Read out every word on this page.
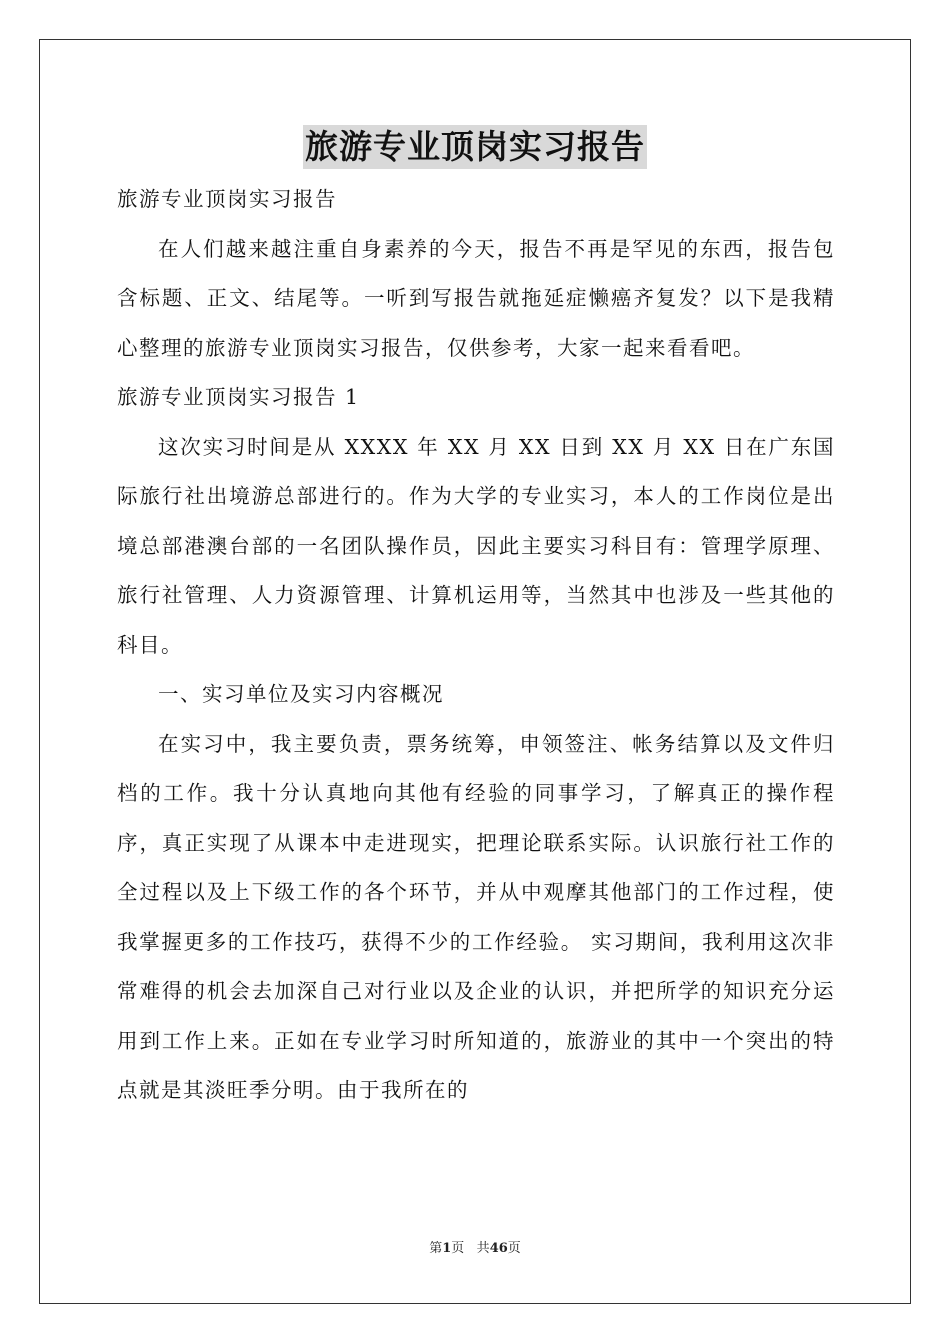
旅游专业顶岗实习报告

旅游专业顶岗实习报告

在人们越来越注重自身素养的今天，报告不再是罕见的东西，报告包含标题、正文、结尾等。一听到写报告就拖延症懒癌齐复发？以下是我精心整理的旅游专业顶岗实习报告，仅供参考，大家一起来看看吧。

旅游专业顶岗实习报告 1

这次实习时间是从 XXXX 年 XX 月 XX 日到 XX 月 XX 日在广东国际旅行社出境游总部进行的。作为大学的专业实习，本人的工作岗位是出境总部港澳台部的一名团队操作员，因此主要实习科目有：管理学原理、旅行社管理、人力资源管理、计算机运用等，当然其中也涉及一些其他的科目。

一、实习单位及实习内容概况

在实习中，我主要负责，票务统筹，申领签注、帐务结算以及文件归档的工作。我十分认真地向其他有经验的同事学习，了解真正的操作程序，真正实现了从课本中走进现实，把理论联系实际。认识旅行社工作的全过程以及上下级工作的各个环节，并从中观摩其他部门的工作过程，使我掌握更多的工作技巧，获得不少的工作经验。 实习期间，我利用这次非常难得的机会去加深自己对行业以及企业的认识，并把所学的知识充分运用到工作上来。正如在专业学习时所知道的，旅游业的其中一个突出的特点就是其淡旺季分明。由于我所在的

第1页 共46页
